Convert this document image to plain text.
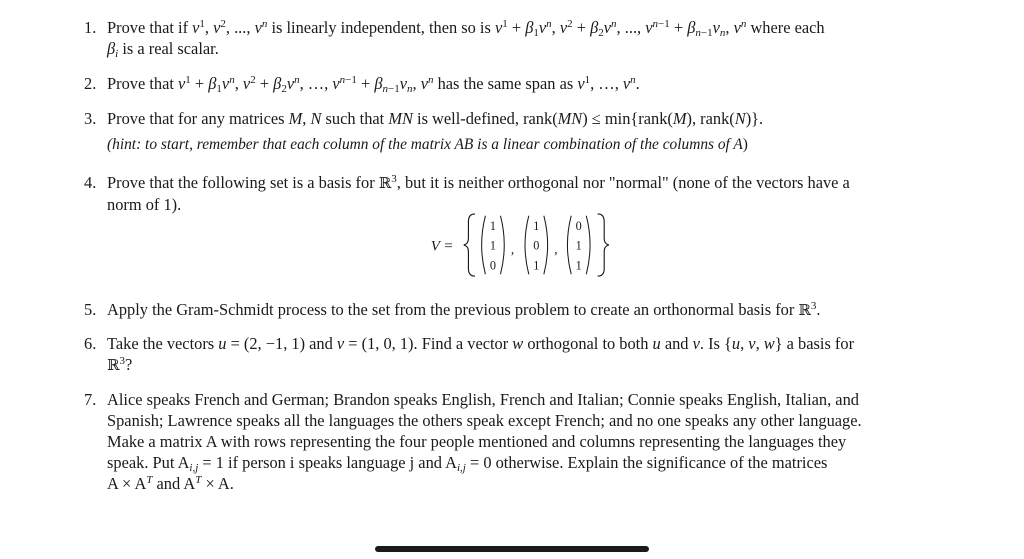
1. Prove that if $v^1$, $v^2$, ..., $v^n$ is linearly independent, then so is $v^1 + \beta_1v^n$, $v^2 + \beta_2v^n$, ..., $v^{n-1} + \beta_{n-1}v_n$, $v^n$ where each
$\beta_i$ is a real scalar.
2. Prove that $v^1 + \beta_1v^n$, $v^2 + \beta_2v^n$, …, $v^{n-1} + \beta_{n-1}v_n$, $v^n$ has the same span as $v^1$, …, $v^n$.
3. Prove that for any matrices M, N such that MN is well-defined, rank(MN) ≤ min{rank(M), rank(N)}.
(hint: to start, remember that each column of the matrix AB is a linear combination of the columns of A)
4. Prove that the following set is a basis for ℝ$^3$, but it is neither orthogonal nor "normal" (none of the vectors have a
norm of 1).
V =
1
1
0
,
1
0
1
,
0
1
1
5. Apply the Gram-Schmidt process to the set from the previous problem to create an orthonormal basis for ℝ$^3$.
6. Take the vectors u = (2, −1, 1) and v = (1, 0, 1). Find a vector w orthogonal to both u and v. Is {u, v, w} a basis for
ℝ$^3$?
7. Alice speaks French and German; Brandon speaks English, French and Italian; Connie speaks English, Italian, and
Spanish; Lawrence speaks all the languages the others speak except French; and no one speaks any other language.
Make a matrix A with rows representing the four people mentioned and columns representing the languages they
speak. Put $A_{i,j} = 1$ if person i speaks language j and $A_{i,j} = 0$ otherwise. Explain the significance of the matrices
$A \times A^T$ and $A^T \times A$.
